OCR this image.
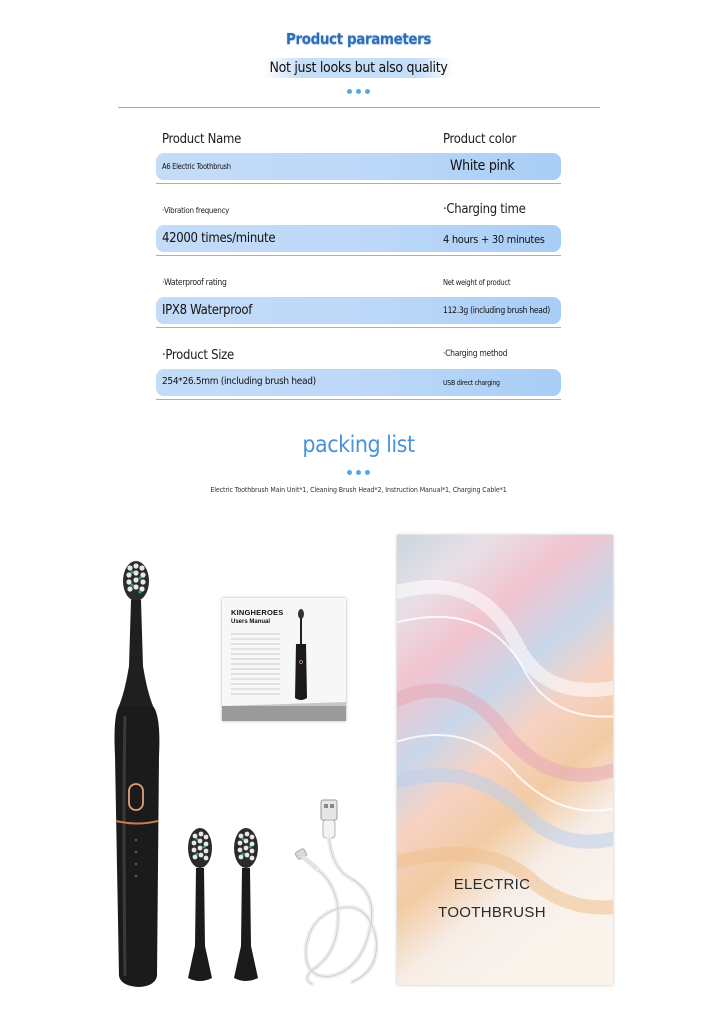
Product parameters
Not just looks but also quality
Product Name	Product color
A6 Electric Toothbrush	White pink
·Vibration frequency	·Charging time
42000 times/minute	4 hours + 30 minutes
·Waterproof rating	Net weight of product
IPX8 Waterproof	112.3g (including brush head)
·Product Size	·Charging method
254*26.5mm (including brush head)	USB direct charging
packing list
Electric Toothbrush Main Unit*1, Cleaning Brush Head*2, Instruction Manual*1, Charging Cable*1
KINGHEROES
Users Manual
ELECTRIC
TOOTHBRUSH
